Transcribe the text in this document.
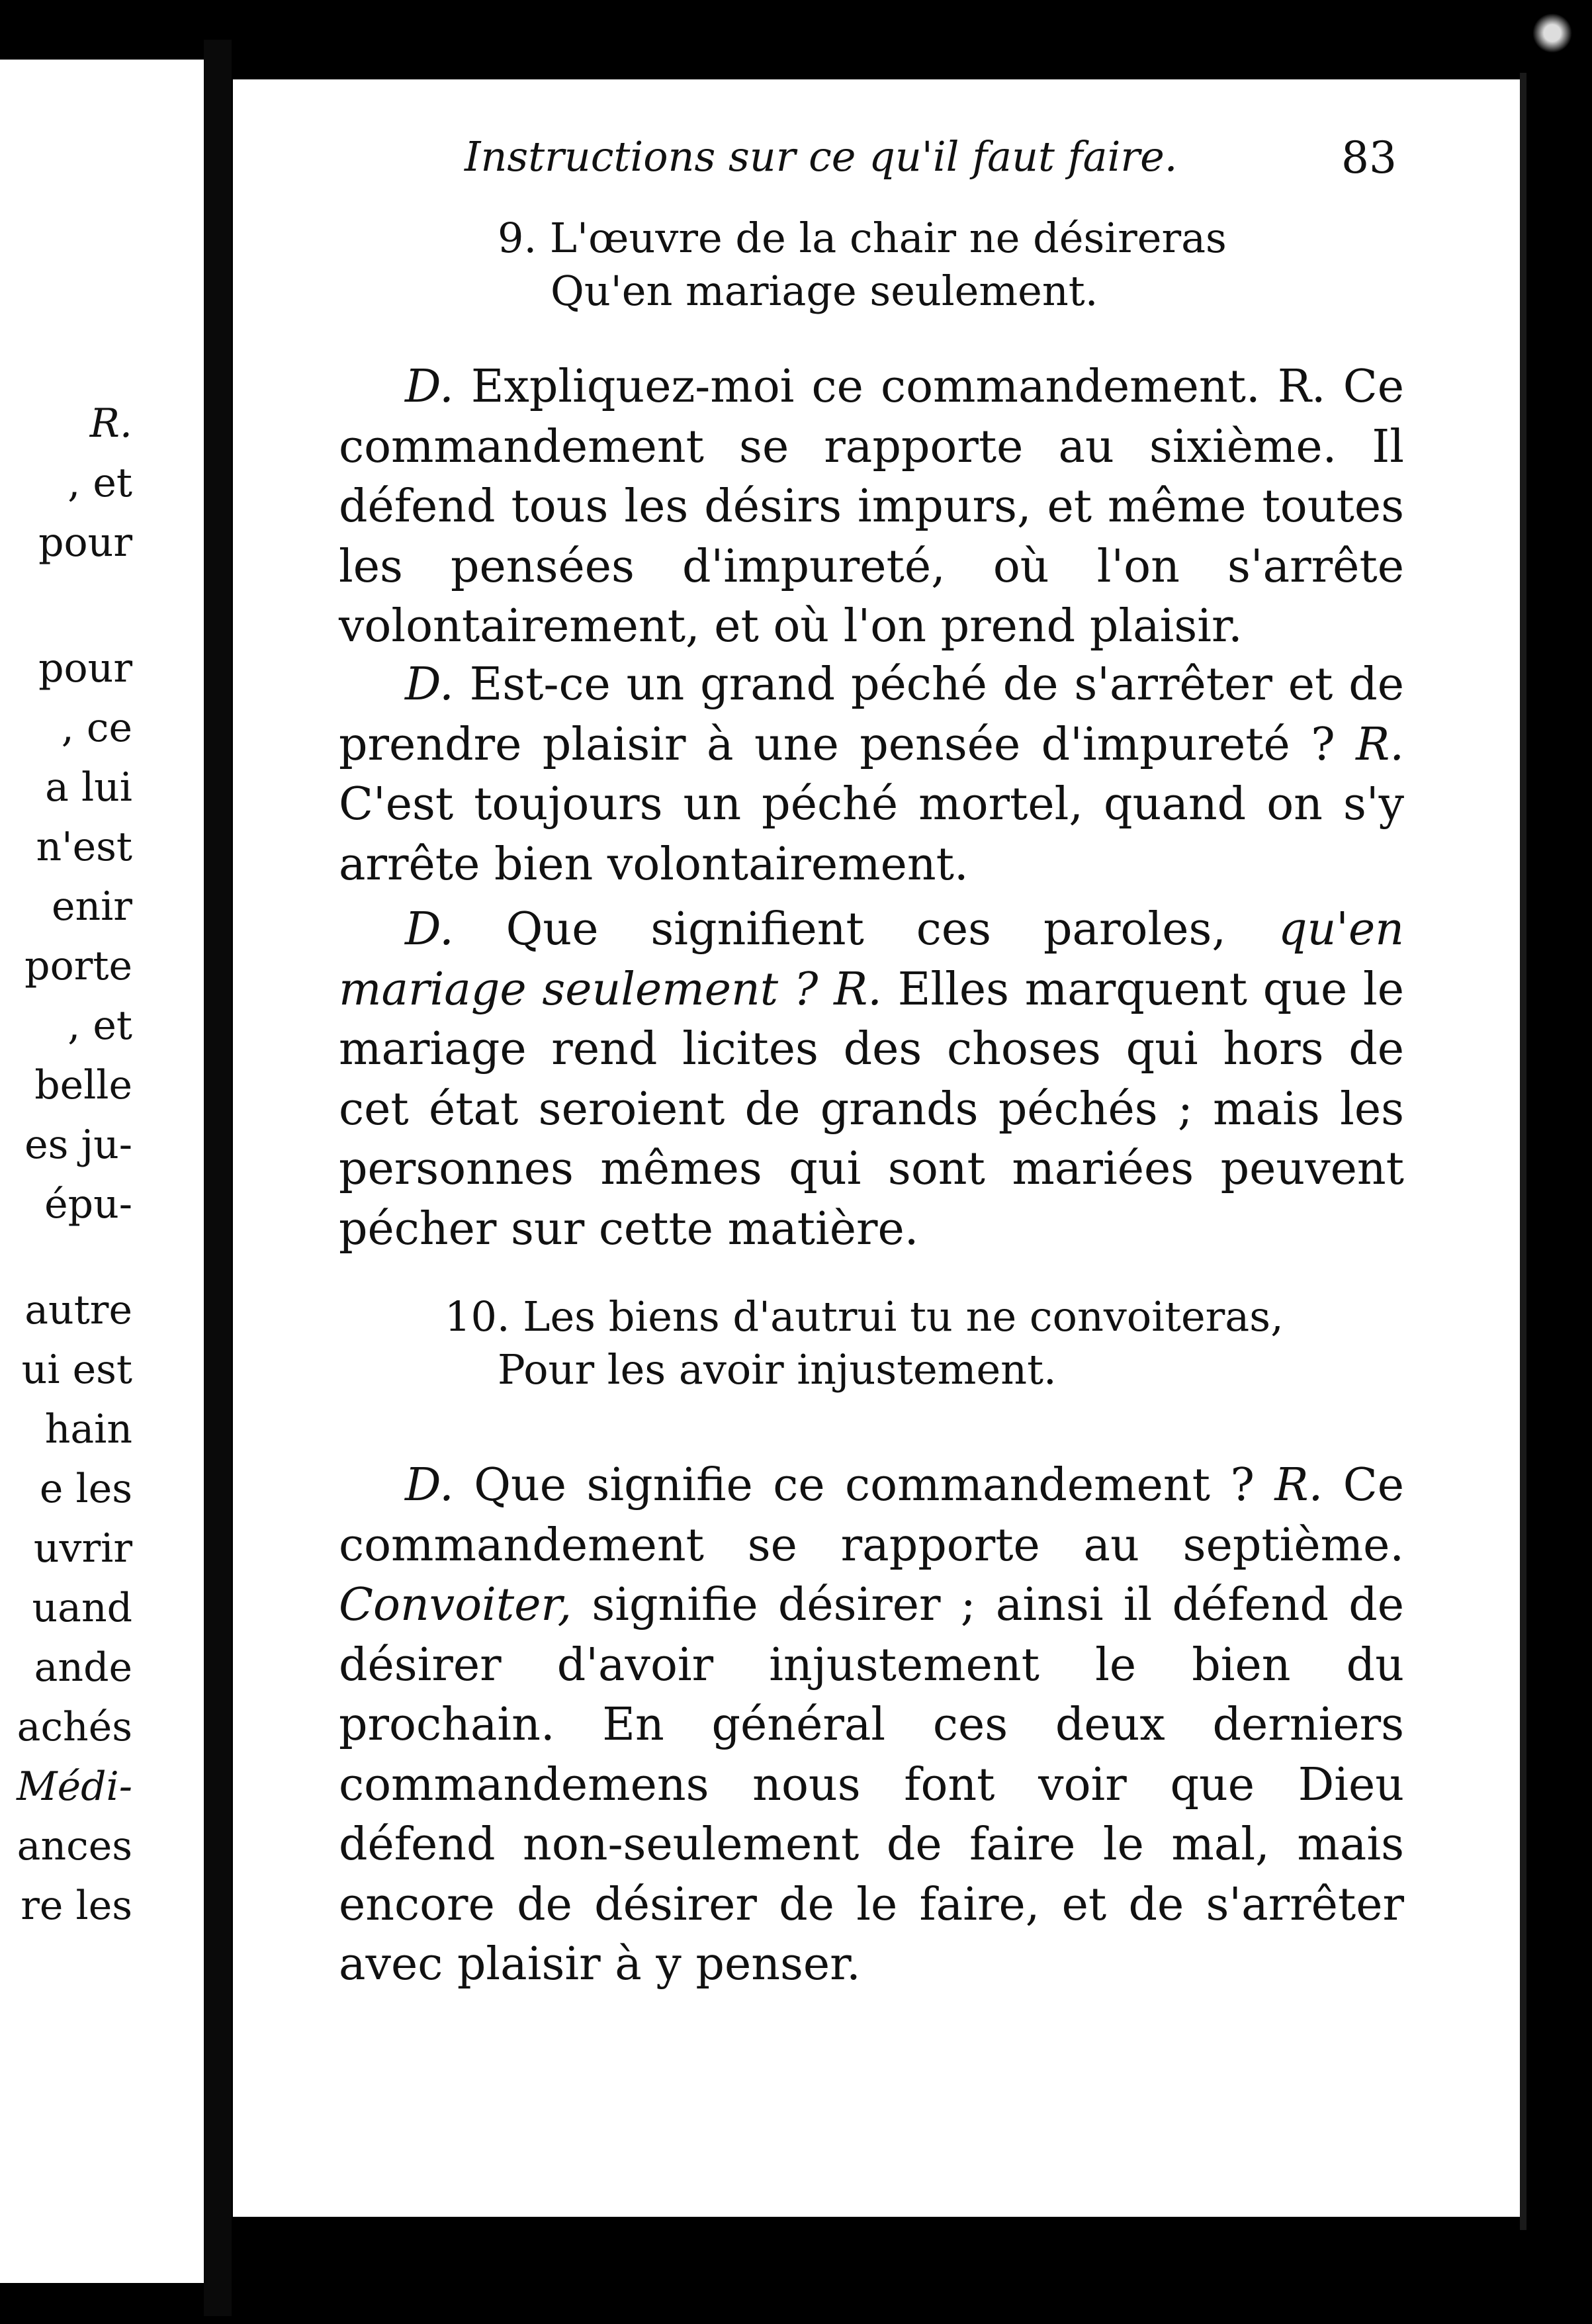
R.
, et
pour
pour
, ce
a lui
n'est
enir
porte
, et
belle
es ju-
épu-
autre
ui est
hain
e les
uvrir
uand
ande
achés
Médi-
ances
re les
Instructions sur ce qu'il faut faire.	83
9. L'œuvre de la chair ne désireras
Qu'en mariage seulement.
D. Expliquez-moi ce commandement. R. Ce commandement se rapporte au sixième. Il défend tous les désirs impurs, et même toutes les pensées d'impureté, où l'on s'arrête volontairement, et où l'on prend plaisir.
D. Est-ce un grand péché de s'arrêter et de prendre plaisir à une pensée d'impureté ? R. C'est toujours un péché mortel, quand on s'y arrête bien volontairement.
D. Que signifient ces paroles, qu'en mariage seulement ? R. Elles marquent que le mariage rend licites des choses qui hors de cet état seroient de grands péchés ; mais les personnes mêmes qui sont mariées peuvent pécher sur cette matière.
10. Les biens d'autrui tu ne convoiteras,
Pour les avoir injustement.
D. Que signifie ce commandement ? R. Ce commandement se rapporte au septième. Convoiter, signifie désirer ; ainsi il défend de désirer d'avoir injustement le bien du prochain. En général ces deux derniers commandemens nous font voir que Dieu défend non-seulement de faire le mal, mais encore de désirer de le faire, et de s'arrêter avec plaisir à y penser.
